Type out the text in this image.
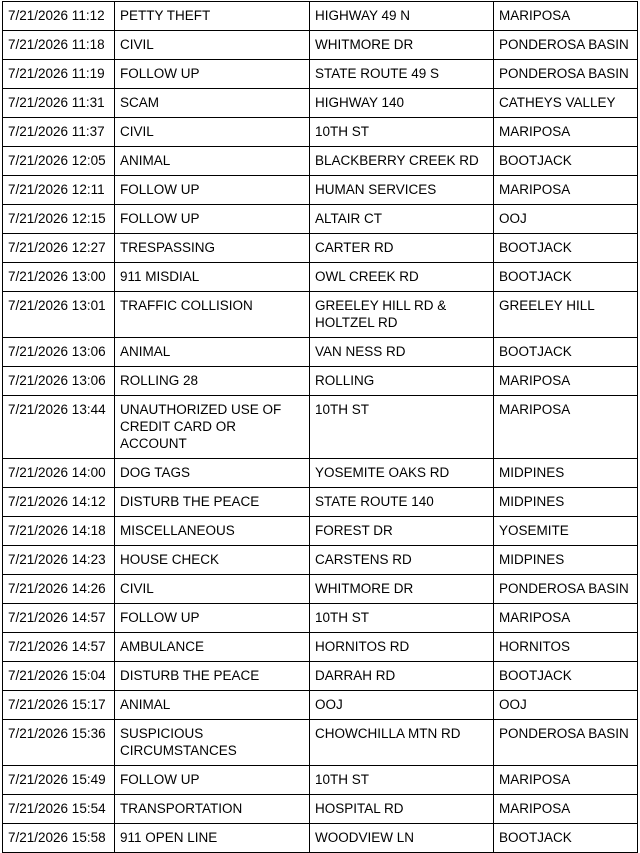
7/21/2026 11:12	PETTY THEFT	HIGHWAY 49 N	MARIPOSA
7/21/2026 11:18	CIVIL	WHITMORE DR	PONDEROSA BASIN
7/21/2026 11:19	FOLLOW UP	STATE ROUTE 49 S	PONDEROSA BASIN
7/21/2026 11:31	SCAM	HIGHWAY 140	CATHEYS VALLEY
7/21/2026 11:37	CIVIL	10TH ST	MARIPOSA
7/21/2026 12:05	ANIMAL	BLACKBERRY CREEK RD	BOOTJACK
7/21/2026 12:11	FOLLOW UP	HUMAN SERVICES	MARIPOSA
7/21/2026 12:15	FOLLOW UP	ALTAIR CT	OOJ
7/21/2026 12:27	TRESPASSING	CARTER RD	BOOTJACK
7/21/2026 13:00	911 MISDIAL	OWL CREEK RD	BOOTJACK
7/21/2026 13:01	TRAFFIC COLLISION	GREELEY HILL RD & HOLTZEL RD	GREELEY HILL
7/21/2026 13:06	ANIMAL	VAN NESS RD	BOOTJACK
7/21/2026 13:06	ROLLING 28	ROLLING	MARIPOSA
7/21/2026 13:44	UNAUTHORIZED USE OF CREDIT CARD OR ACCOUNT	10TH ST	MARIPOSA
7/21/2026 14:00	DOG TAGS	YOSEMITE OAKS RD	MIDPINES
7/21/2026 14:12	DISTURB THE PEACE	STATE ROUTE 140	MIDPINES
7/21/2026 14:18	MISCELLANEOUS	FOREST DR	YOSEMITE
7/21/2026 14:23	HOUSE CHECK	CARSTENS RD	MIDPINES
7/21/2026 14:26	CIVIL	WHITMORE DR	PONDEROSA BASIN
7/21/2026 14:57	FOLLOW UP	10TH ST	MARIPOSA
7/21/2026 14:57	AMBULANCE	HORNITOS RD	HORNITOS
7/21/2026 15:04	DISTURB THE PEACE	DARRAH RD	BOOTJACK
7/21/2026 15:17	ANIMAL	OOJ	OOJ
7/21/2026 15:36	SUSPICIOUS CIRCUMSTANCES	CHOWCHILLA MTN RD	PONDEROSA BASIN
7/21/2026 15:49	FOLLOW UP	10TH ST	MARIPOSA
7/21/2026 15:54	TRANSPORTATION	HOSPITAL RD	MARIPOSA
7/21/2026 15:58	911 OPEN LINE	WOODVIEW LN	BOOTJACK
